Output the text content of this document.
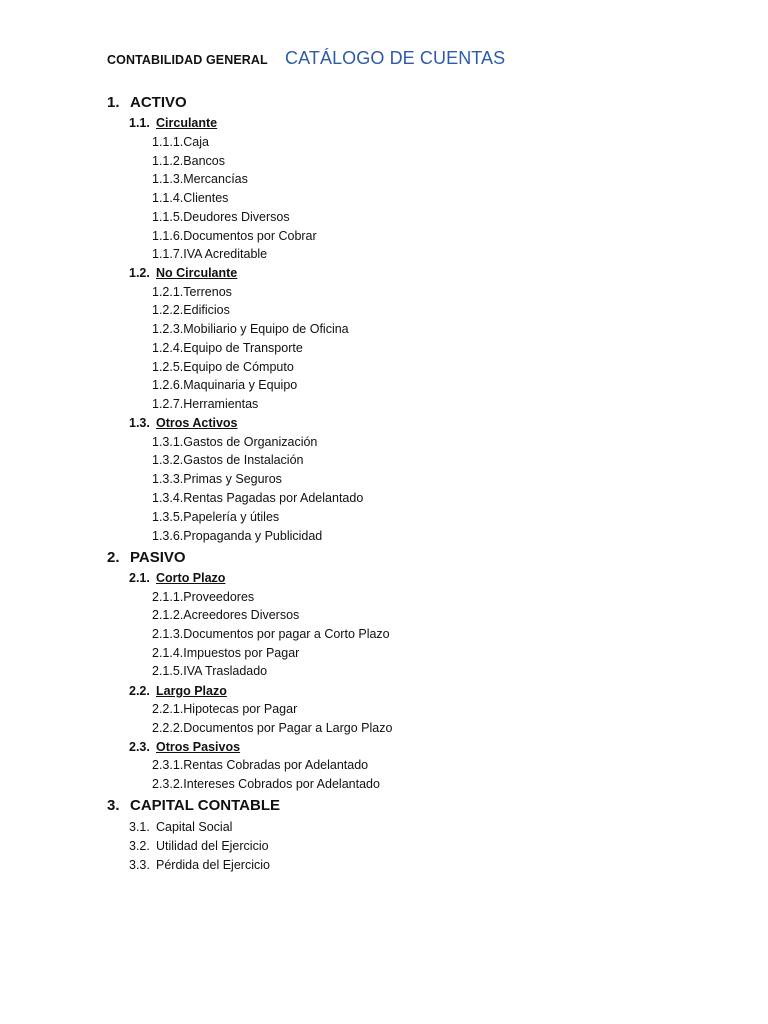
CONTABILIDAD GENERAL CATÁLOGO DE CUENTAS
1. ACTIVO
1.1. Circulante
1.1.1.Caja
1.1.2.Bancos
1.1.3.Mercancías
1.1.4.Clientes
1.1.5.Deudores Diversos
1.1.6.Documentos por Cobrar
1.1.7.IVA Acreditable
1.2. No Circulante
1.2.1.Terrenos
1.2.2.Edificios
1.2.3.Mobiliario y Equipo de Oficina
1.2.4.Equipo de Transporte
1.2.5.Equipo de Cómputo
1.2.6.Maquinaria y Equipo
1.2.7.Herramientas
1.3. Otros Activos
1.3.1.Gastos de Organización
1.3.2.Gastos de Instalación
1.3.3.Primas y Seguros
1.3.4.Rentas Pagadas por Adelantado
1.3.5.Papelería y útiles
1.3.6.Propaganda y Publicidad
2. PASIVO
2.1. Corto Plazo
2.1.1.Proveedores
2.1.2.Acreedores Diversos
2.1.3.Documentos por pagar a Corto Plazo
2.1.4.Impuestos por Pagar
2.1.5.IVA Trasladado
2.2. Largo Plazo
2.2.1.Hipotecas por Pagar
2.2.2.Documentos por Pagar a Largo Plazo
2.3. Otros Pasivos
2.3.1.Rentas Cobradas por Adelantado
2.3.2.Intereses Cobrados por Adelantado
3. CAPITAL CONTABLE
3.1. Capital Social
3.2. Utilidad del Ejercicio
3.3. Pérdida del Ejercicio
